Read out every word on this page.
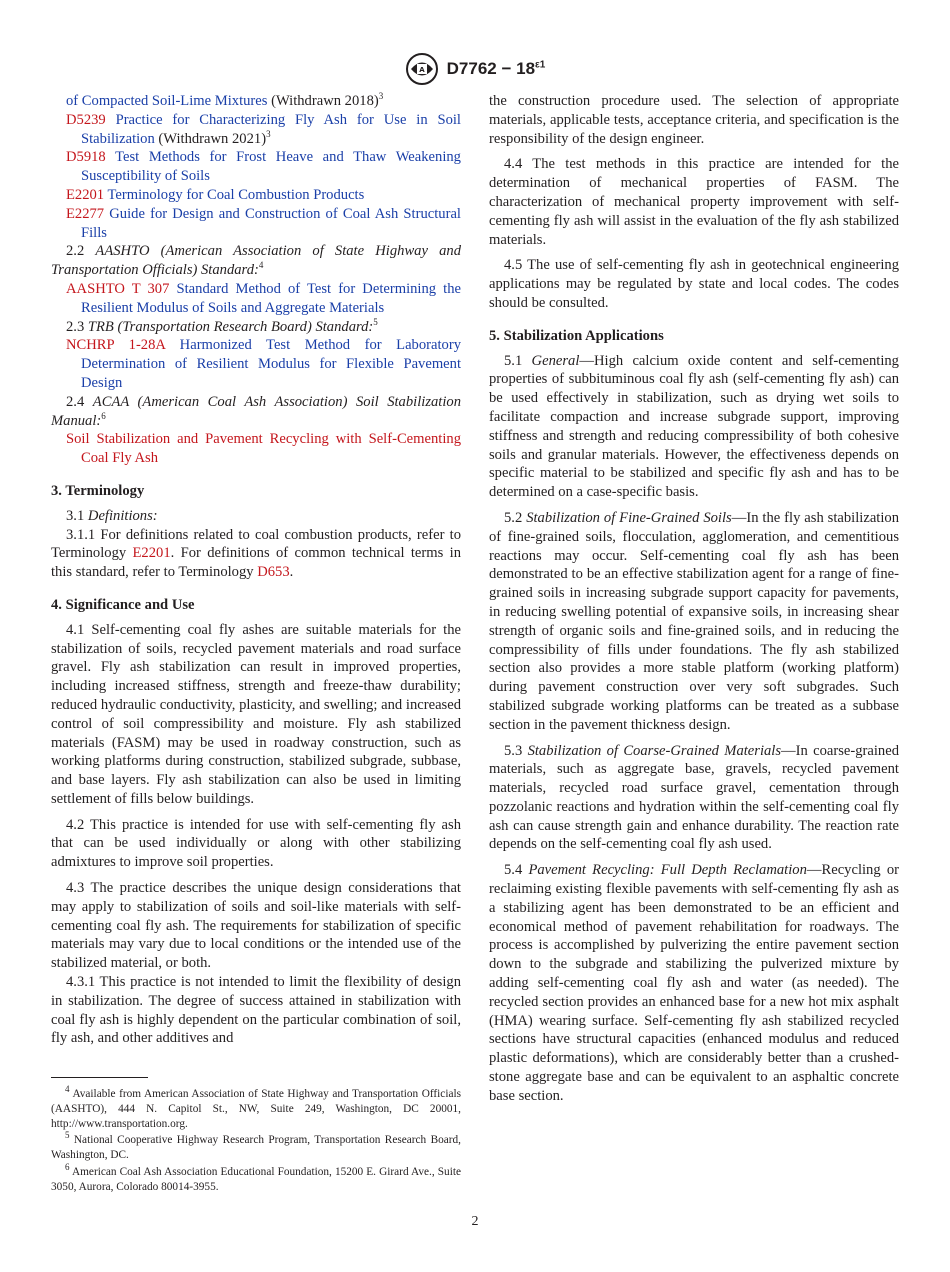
A $D7762 - 18^{\varepsilon 1}$

of Compacted Soil-Lime Mixtures (Withdrawn 2018)$^3$

D5239 Practice for Characterizing Fly Ash for Use in Soil Stabilization (Withdrawn 2021)$^3$

D5918 Test Methods for Frost Heave and Thaw Weakening Susceptibility of Soils

E2201 Terminology for Coal Combustion Products

E2277 Guide for Design and Construction of Coal Ash Structural Fills

2.2 AASHTO (American Association of State Highway and Transportation Officials) Standard:$^4$

AASHTO T 307 Standard Method of Test for Determining the Resilient Modulus of Soils and Aggregate Materials

2.3 TRB (Transportation Research Board) Standard:$^5$

NCHRP 1-28A Harmonized Test Method for Laboratory Determination of Resilient Modulus for Flexible Pavement Design

2.4 ACAA (American Coal Ash Association) Soil Stabilization Manual:$^6$

Soil Stabilization and Pavement Recycling with Self-Cementing Coal Fly Ash

3. Terminology

3.1 Definitions:

3.1.1 For definitions related to coal combustion products, refer to Terminology E2201. For definitions of common technical terms in this standard, refer to Terminology D653.

4. Significance and Use

4.1 Self-cementing coal fly ashes are suitable materials for the stabilization of soils, recycled pavement materials and road surface gravel. Fly ash stabilization can result in improved properties, including increased stiffness, strength and freeze-thaw durability; reduced hydraulic conductivity, plasticity, and swelling; and increased control of soil compressibility and moisture. Fly ash stabilized materials (FASM) may be used in roadway construction, such as working platforms during construction, stabilized subgrade, subbase, and base layers. Fly ash stabilization can also be used in limiting settlement of fills below buildings.

4.2 This practice is intended for use with self-cementing fly ash that can be used individually or along with other stabilizing admixtures to improve soil properties.

4.3 The practice describes the unique design considerations that may apply to stabilization of soils and soil-like materials with self-cementing coal fly ash. The requirements for stabilization of specific materials may vary due to local conditions or the intended use of the stabilized material, or both.

4.3.1 This practice is not intended to limit the flexibility of design in stabilization. The degree of success attained in stabilization with coal fly ash is highly dependent on the particular combination of soil, fly ash, and other additives and

$^4$ Available from American Association of State Highway and Transportation Officials (AASHTO), 444 N. Capitol St., NW, Suite 249, Washington, DC 20001, http://www.transportation.org.

$^5$ National Cooperative Highway Research Program, Transportation Research Board, Washington, DC.

$^6$ American Coal Ash Association Educational Foundation, 15200 E. Girard Ave., Suite 3050, Aurora, Colorado 80014-3955.

the construction procedure used. The selection of appropriate materials, applicable tests, acceptance criteria, and specification is the responsibility of the design engineer.

4.4 The test methods in this practice are intended for the determination of mechanical properties of FASM. The characterization of mechanical property improvement with self-cementing fly ash will assist in the evaluation of the fly ash stabilized materials.

4.5 The use of self-cementing fly ash in geotechnical engineering applications may be regulated by state and local codes. The codes should be consulted.

5. Stabilization Applications

5.1 General—High calcium oxide content and self-cementing properties of subbituminous coal fly ash (self-cementing fly ash) can be used effectively in stabilization, such as drying wet soils to facilitate compaction and increase subgrade support, improving stiffness and strength and reducing compressibility of both cohesive soils and granular materials. However, the effectiveness depends on specific material to be stabilized and specific fly ash and has to be determined on a case-specific basis.

5.2 Stabilization of Fine-Grained Soils—In the fly ash stabilization of fine-grained soils, flocculation, agglomeration, and cementitious reactions may occur. Self-cementing coal fly ash has been demonstrated to be an effective stabilization agent for a range of fine-grained soils in increasing subgrade support capacity for pavements, in reducing swelling potential of expansive soils, in increasing shear strength of organic soils and fine-grained soils, and in reducing the compressibility of fills under foundations. The fly ash stabilized section also provides a more stable platform (working platform) during pavement construction over very soft subgrades. Such stabilized subgrade working platforms can be treated as a subbase section in the pavement thickness design.

5.3 Stabilization of Coarse-Grained Materials—In coarse-grained materials, such as aggregate base, gravels, recycled pavement materials, recycled road surface gravel, cementation through pozzolanic reactions and hydration within the self-cementing coal fly ash can cause strength gain and enhance durability. The reaction rate depends on the self-cementing coal fly ash used.

5.4 Pavement Recycling: Full Depth Reclamation—Recycling or reclaiming existing flexible pavements with self-cementing fly ash as a stabilizing agent has been demonstrated to be an efficient and economical method of pavement rehabilitation for roadways. The process is accomplished by pulverizing the entire pavement section down to the subgrade and stabilizing the pulverized mixture by adding self-cementing coal fly ash and water (as needed). The recycled section provides an enhanced base for a new hot mix asphalt (HMA) wearing surface. Self-cementing fly ash stabilized recycled sections have structural capacities (enhanced modulus and reduced plastic deformations), which are considerably better than a crushed-stone aggregate base and can be equivalent to an asphaltic concrete base section.

2
